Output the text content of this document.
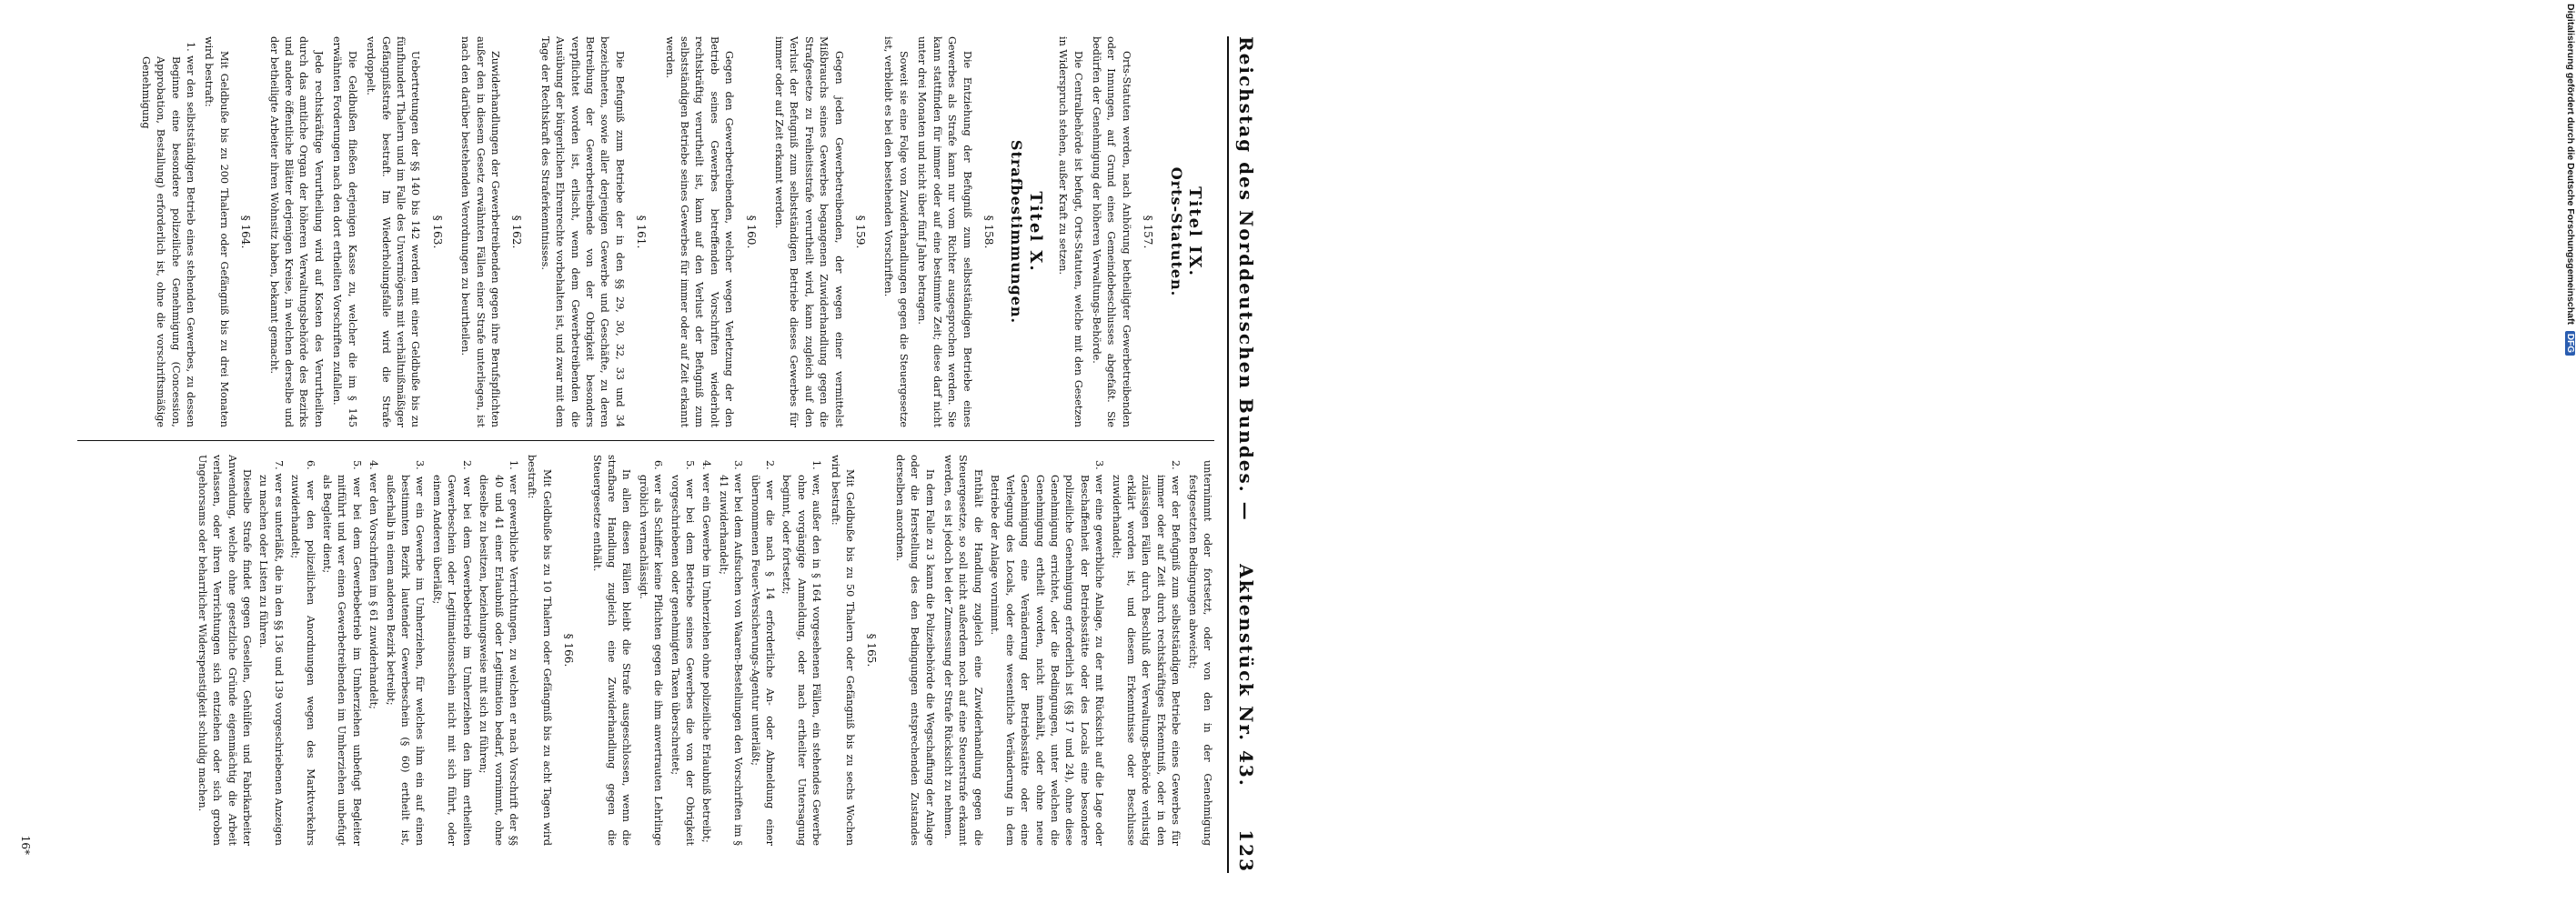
Reichstag des Norddeutschen Bundes. —
Aktenstück Nr. 43.
123
Titel IX.
Orts-Statuten.
§ 157.

Orts-Statuten werden, nach Anhörung betheiligter Gewerbetreibenden oder Innungen, auf Grund eines Gemeindebeschlusses abgefaßt. Sie bedürfen der Genehmigung der höheren Verwaltungs-Behörde.

Die Centralbehörde ist befugt, Orts-Statuten, welche mit den Gesetzen in Widerspruch stehen, außer Kraft zu setzen.

Titel X.
Strafbestimmungen.
§ 158.

Die Entziehung der Befugniß zum selbstständigen Betriebe eines Gewerbes als Strafe kann nur vom Richter ausgesprochen werden. Sie kann stattfinden für immer oder auf eine bestimmte Zeit; diese darf nicht unter drei Monaten und nicht über fünf Jahre betragen.

Soweit sie eine Folge von Zuwiderhandlungen gegen die Steuergesetze ist, verbleibt es bei den bestehenden Vorschriften.

§ 159.

Gegen jeden Gewerbetreibenden, der wegen einer vermittelst Mißbrauchs seines Gewerbes begangenen Zuwiderhandlung gegen die Strafgesetze zu Freiheitsstrafe verurtheilt wird, kann zugleich auf den Verlust der Befugniß zum selbstständigen Betriebe dieses Gewerbes für immer oder auf Zeit erkannt werden.

§ 160.

Gegen den Gewerbetreibenden, welcher wegen Verletzung der den Betrieb seines Gewerbes betreffenden Vorschriften wiederholt rechtskräftig verurtheilt ist, kann auf den Verlust der Befugniß zum selbstständigen Betriebe seines Gewerbes für immer oder auf Zeit erkannt werden.

§ 161.

Die Befugniß zum Betriebe der in den §§ 29, 30, 32, 33 und 34 bezeichneten, sowie aller derjenigen Gewerbe und Geschäfte, zu deren Betreibung der Gewerbetreibende von der Obrigkeit besonders verpflichtet worden ist, erlischt, wenn dem Gewerbetreibenden die Ausübung der bürgerlichen Ehrenrechte vorbehalten ist, und zwar mit dem Tage der Rechtskraft des Straferkenntnisses.

§ 162.

Zuwiderhandlungen der Gewerbetreibenden gegen ihre Berufspflichten außer den in diesem Gesetz erwähnten Fällen einer Strafe unterliegen, ist nach den darüber bestehenden Verordnungen zu beurtheilen.

§ 163.

Uebertretungen der §§ 140 bis 142 werden mit einer Geldbuße bis zu fünfhundert Thalern und im Falle des Unvermögens mit verhältnißmäßiger Gefängnißstrafe bestraft. Im Wiederholungsfalle wird die Strafe verdoppelt.

Die Geldbußen fließen derjenigen Kasse zu, welcher die im § 145 erwähnten Forderungen nach den dort ertheilten Vorschriften zufallen.

Jede rechtskräftige Verurtheilung wird auf Kosten des Verurtheilten durch das amtliche Organ der höheren Verwaltungsbehörde des Bezirks und andere öffentliche Blätter derjenigen Kreise, in welchen derselbe und der betheiligte Arbeiter ihren Wohnsitz haben, bekannt gemacht.

§ 164.

Mit Geldbuße bis zu 200 Thalern oder Gefängniß bis zu drei Monaten wird bestraft:

1. wer den selbstständigen Betrieb eines stehenden Gewerbes, zu dessen Beginne eine besondere polizeiliche Genehmigung (Concession, Approbation, Bestallung) erforderlich ist, ohne die vorschriftsmäßige Genehmigung
unternimmt oder fortsetzt, oder von den in der Genehmigung festgesetzten Bedingungen abweicht;
2. wer der Befugniß zum selbstständigen Betriebe eines Gewerbes für immer oder auf Zeit durch rechtskräftiges Erkenntniß, oder in den zulässigen Fällen durch Beschluß der Verwaltungs-Behörde verlustig erklärt worden ist, und diesem Erkenntnisse oder Beschlusse zuwiderhandelt;
3. wer eine gewerbliche Anlage, zu der mit Rücksicht auf die Lage oder Beschaffenheit der Betriebsstätte oder des Locals eine besondere polizeiliche Genehmigung erforderlich ist (§§ 17 und 24), ohne diese Genehmigung errichtet, oder die Bedingungen, unter welchen die Genehmigung ertheilt worden, nicht innehält, oder ohne neue Genehmigung eine Veränderung der Betriebsstätte oder eine Verlegung des Locals, oder eine wesentliche Veränderung in dem Betriebe der Anlage vornimmt.

Enthält die Handlung zugleich eine Zuwiderhandlung gegen die Steuergesetze, so soll nicht außerdem noch auf eine Steuerstrafe erkannt werden, es ist jedoch bei der Zumessung der Strafe Rücksicht zu nehmen.

In dem Falle zu 3 kann die Polizeibehörde die Wegschaffung der Anlage oder die Herstellung des den Bedingungen entsprechenden Zustandes derselben anordnen.

§ 165.

Mit Geldbuße bis zu 50 Thalern oder Gefängniß bis zu sechs Wochen wird bestraft:

1. wer, außer den in § 164 vorgesehenen Fällen, ein stehendes Gewerbe ohne vorgängige Anmeldung, oder nach ertheilter Untersagung beginnt, oder fortsetzt;
2. wer die nach § 14 erforderliche An- oder Abmeldung einer übernommenen Feuer-Versicherungs-Agentur unterläßt;
3. wer bei dem Aufsuchen von Waaren-Bestellungen den Vorschriften im § 41 zuwiderhandelt;
4. wer ein Gewerbe im Umherziehen ohne polizeiliche Erlaubniß betreibt;
5. wer bei dem Betriebe seines Gewerbes die von der Obrigkeit vorgeschriebenen oder genehmigten Taxen überschreitet;
6. wer als Schiffer keine Pflichten gegen die ihm anvertrauten Lehrlinge gröblich vernachlässigt.

In allen diesen Fällen bleibt die Strafe ausgeschlossen, wenn die strafbare Handlung zugleich eine Zuwiderhandlung gegen die Steuergesetze enthält.

§ 166.

Mit Geldbuße bis zu 10 Thalern oder Gefängniß bis zu acht Tagen wird bestraft:

1. wer gewerbliche Verrichtungen, zu welchen er nach Vorschrift der §§ 40 und 41 einer Erlaubniß oder Legitimation bedarf, vornimmt, ohne dieselbe zu besitzen, beziehungsweise mit sich zu führen;
2. wer bei dem Gewerbebetrieb im Umherziehen den ihm ertheilten Gewerbeschein oder Legitimationsschein nicht mit sich führt, oder einem Anderen überläßt;
3. wer ein Gewerbe im Umherziehen, für welches ihm ein auf einen bestimmten Bezirk lautender Gewerbeschein (§ 60) ertheilt ist, außerhalb in einem anderen Bezirk betreibt;
4. wer den Vorschriften im § 61 zuwiderhandelt;
5. wer bei dem Gewerbebetrieb im Umherziehen unbefugt Begleiter mitführt und wer einen Gewerbetreibenden im Umherziehen unbefugt als Begleiter dient;
6. wer den polizeilichen Anordnungen wegen des Marktverkehrs zuwiderhandelt;
7. wer es unterläßt, die in den §§ 136 und 139 vorgeschriebenen Anzeigen zu machen oder Listen zu führen.

Dieselbe Strafe findet gegen Gesellen, Gehülfen und Fabrikarbeiter Anwendung, welche ohne gesetzliche Gründe eigenmächtig die Arbeit verlassen, oder ihren Verrichtungen sich entziehen oder sich groben Ungehorsams oder beharrlicher Widerspenstigkeit schuldig machen.

16*
Digitalisierung gefördert durch die Deutsche Forschungsgemeinschaft DFG
